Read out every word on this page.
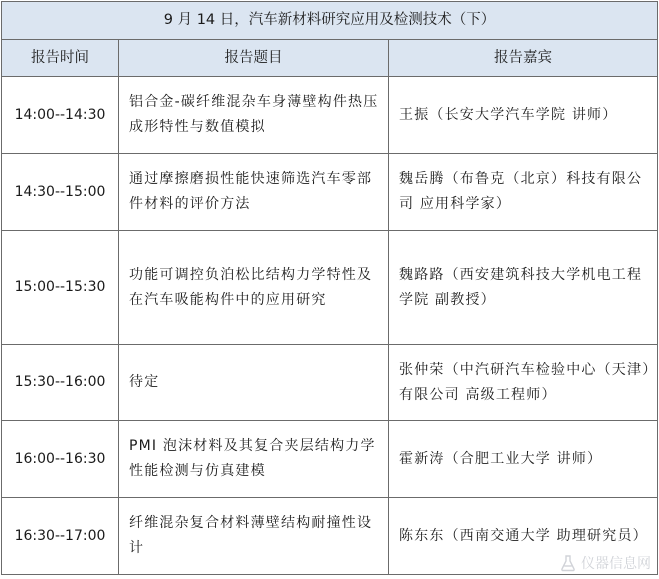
9 月 14 日，汽车新材料研究应用及检测技术（下）		
报告时间	报告题目	报告嘉宾
14:00--14:30	铝合金-碳纤维混杂车身薄壁构件热压成形特性与数值模拟	王振（长安大学汽车学院 讲师）
14:30--15:00	通过摩擦磨损性能快速筛选汽车零部件材料的评价方法	魏岳腾（布鲁克（北京）科技有限公司 应用科学家）
15:00--15:30	功能可调控负泊松比结构力学特性及在汽车吸能构件中的应用研究	魏路路（西安建筑科技大学机电工程学院 副教授）
15:30--16:00	待定	张仲荣（中汽研汽车检验中心（天津）有限公司 高级工程师）
16:00--16:30	PMI 泡沫材料及其复合夹层结构力学性能检测与仿真建模	霍新涛（合肥工业大学 讲师）
16:30--17:00	纤维混杂复合材料薄壁结构耐撞性设计	陈东东（西南交通大学 助理研究员）
仪器信息网
